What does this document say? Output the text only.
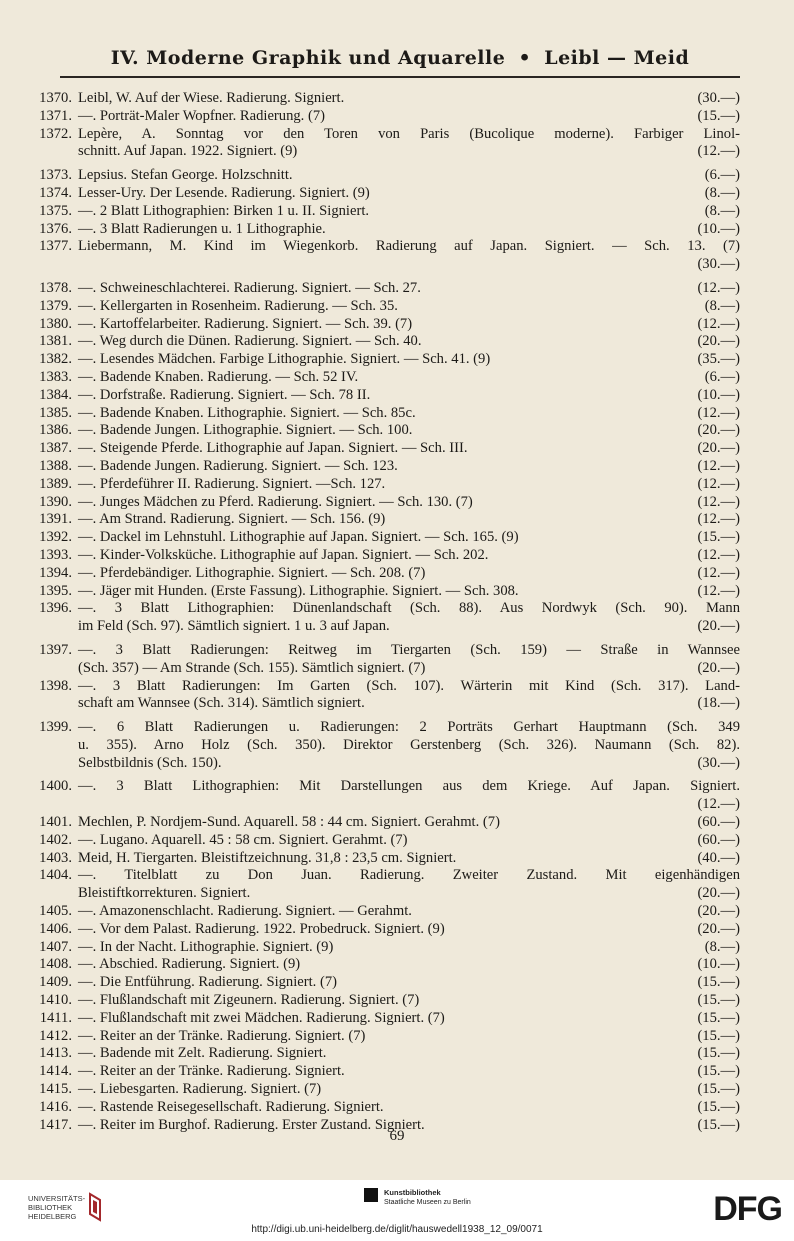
IV. Moderne Graphik und Aquarelle • Leibl — Meid
1370. Leibl, W. Auf der Wiese. Radierung. Signiert.	(30.—)
1371. —. Porträt-Maler Wopfner. Radierung. (7)	(15.—)
1372. Lepère, A. Sonntag vor den Toren von Paris (Bucolique moderne). Farbiger Linol-
schnitt. Auf Japan. 1922. Signiert. (9)	(12.—)
1373. Lepsius. Stefan George. Holzschnitt.	(6.—)
1374. Lesser-Ury. Der Lesende. Radierung. Signiert. (9)	(8.—)
1375. —. 2 Blatt Lithographien: Birken 1 u. II. Signiert.	(8.—)
1376. —. 3 Blatt Radierungen u. 1 Lithographie.	(10.—)
1377. Liebermann, M. Kind im Wiegenkorb. Radierung auf Japan. Signiert. — Sch. 13. (7)
(30.—)
1378. —. Schweineschlachterei. Radierung. Signiert. — Sch. 27.	(12.—)
1379. —. Kellergarten in Rosenheim. Radierung. — Sch. 35.	(8.—)
1380. —. Kartoffelarbeiter. Radierung. Signiert. — Sch. 39. (7)	(12.—)
1381. —. Weg durch die Dünen. Radierung. Signiert. — Sch. 40.	(20.—)
1382. —. Lesendes Mädchen. Farbige Lithographie. Signiert. — Sch. 41. (9)	(35.—)
1383. —. Badende Knaben. Radierung. — Sch. 52 IV.	(6.—)
1384. —. Dorfstraße. Radierung. Signiert. — Sch. 78 II.	(10.—)
1385. —. Badende Knaben. Lithographie. Signiert. — Sch. 85c.	(12.—)
1386. —. Badende Jungen. Lithographie. Signiert. — Sch. 100.	(20.—)
1387. —. Steigende Pferde. Lithographie auf Japan. Signiert. — Sch. III.	(20.—)
1388. —. Badende Jungen. Radierung. Signiert. — Sch. 123.	(12.—)
1389. —. Pferdeführer II. Radierung. Signiert. —Sch. 127.	(12.—)
1390. —. Junges Mädchen zu Pferd. Radierung. Signiert. — Sch. 130. (7)	(12.—)
1391. —. Am Strand. Radierung. Signiert. — Sch. 156. (9)	(12.—)
1392. —. Dackel im Lehnstuhl. Lithographie auf Japan. Signiert. — Sch. 165. (9)	(15.—)
1393. —. Kinder-Volksküche. Lithographie auf Japan. Signiert. — Sch. 202.	(12.—)
1394. —. Pferdebändiger. Lithographie. Signiert. — Sch. 208. (7)	(12.—)
1395. —. Jäger mit Hunden. (Erste Fassung). Lithographie. Signiert. — Sch. 308.	(12.—)
1396. —. 3 Blatt Lithographien: Dünenlandschaft (Sch. 88). Aus Nordwyk (Sch. 90). Mann
im Feld (Sch. 97). Sämtlich signiert. 1 u. 3 auf Japan.	(20.—)
1397. —. 3 Blatt Radierungen: Reitweg im Tiergarten (Sch. 159) — Straße in Wannsee
(Sch. 357) — Am Strande (Sch. 155). Sämtlich signiert. (7)	(20.—)
1398. —. 3 Blatt Radierungen: Im Garten (Sch. 107). Wärterin mit Kind (Sch. 317). Land-
schaft am Wannsee (Sch. 314). Sämtlich signiert.	(18.—)
1399. —. 6 Blatt Radierungen u. Radierungen: 2 Porträts Gerhart Hauptmann (Sch. 349
u. 355). Arno Holz (Sch. 350). Direktor Gerstenberg (Sch. 326). Naumann (Sch. 82).
Selbstbildnis (Sch. 150).	(30.—)
1400. —. 3 Blatt Lithographien: Mit Darstellungen aus dem Kriege. Auf Japan. Signiert.
(12.—)
1401. Mechlen, P. Nordjem-Sund. Aquarell. 58 : 44 cm. Signiert. Gerahmt. (7)	(60.—)
1402. —. Lugano. Aquarell. 45 : 58 cm. Signiert. Gerahmt. (7)	(60.—)
1403. Meid, H. Tiergarten. Bleistiftzeichnung. 31,8 : 23,5 cm. Signiert.	(40.—)
1404. —. Titelblatt zu Don Juan. Radierung. Zweiter Zustand. Mit eigenhändigen
Bleistiftkorrekturen. Signiert.	(20.—)
1405. —. Amazonenschlacht. Radierung. Signiert. — Gerahmt.	(20.—)
1406. —. Vor dem Palast. Radierung. 1922. Probedruck. Signiert. (9)	(20.—)
1407. —. In der Nacht. Lithographie. Signiert. (9)	(8.—)
1408. —. Abschied. Radierung. Signiert. (9)	(10.—)
1409. —. Die Entführung. Radierung. Signiert. (7)	(15.—)
1410. —. Flußlandschaft mit Zigeunern. Radierung. Signiert. (7)	(15.—)
1411. —. Flußlandschaft mit zwei Mädchen. Radierung. Signiert. (7)	(15.—)
1412. —. Reiter an der Tränke. Radierung. Signiert. (7)	(15.—)
1413. —. Badende mit Zelt. Radierung. Signiert.	(15.—)
1414. —. Reiter an der Tränke. Radierung. Signiert.	(15.—)
1415. —. Liebesgarten. Radierung. Signiert. (7)	(15.—)
1416. —. Rastende Reisegesellschaft. Radierung. Signiert.	(15.—)
1417. —. Reiter im Burghof. Radierung. Erster Zustand. Signiert.	(15.—)
69
UNIVERSITÄTS-
BIBLIOTHEK
HEIDELBERG
Kunstbibliothek
Staatliche Museen zu Berlin	DFG
http://digi.ub.uni-heidelberg.de/diglit/hauswedell1938_12_09/0071
